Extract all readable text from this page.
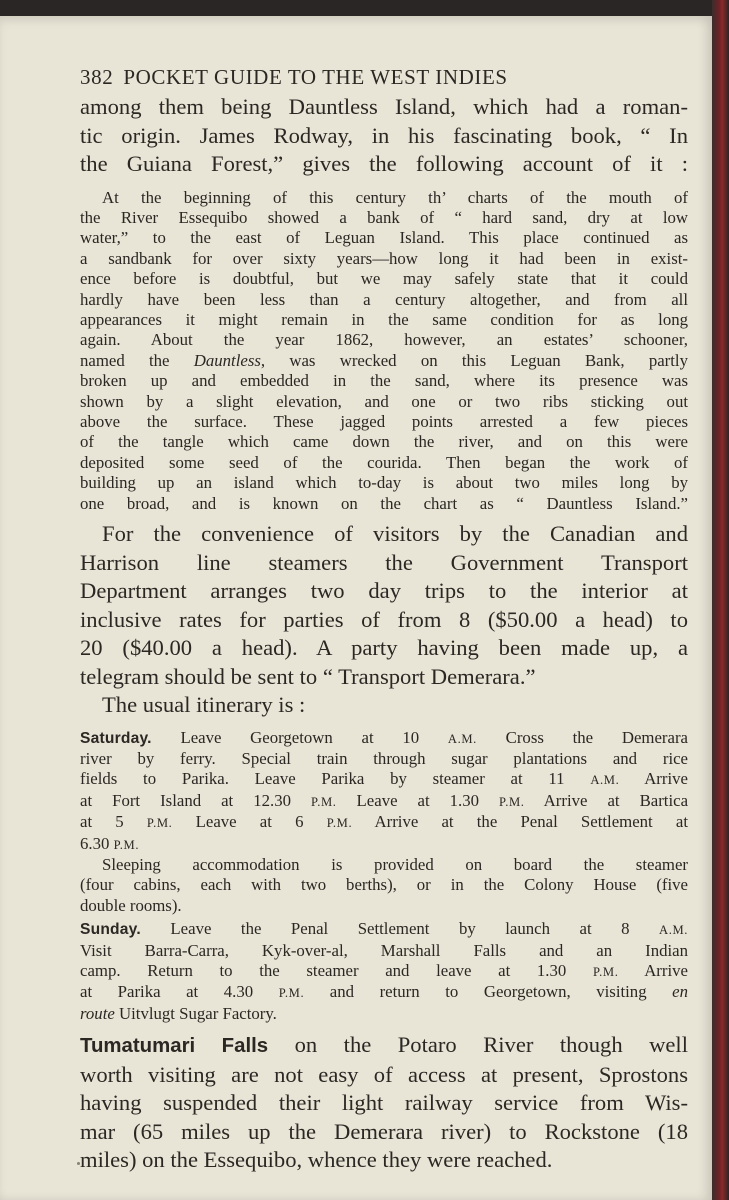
382 POCKET GUIDE TO THE WEST INDIES
among them being Dauntless Island, which had a roman-
tic origin. James Rodway, in his fascinating book, “ In
the Guiana Forest,” gives the following account of it :
At the beginning of this century th’ charts of the mouth of
the River Essequibo showed a bank of “ hard sand, dry at low
water,” to the east of Leguan Island. This place continued as
a sandbank for over sixty years—how long it had been in exist-
ence before is doubtful, but we may safely state that it could
hardly have been less than a century altogether, and from all
appearances it might remain in the same condition for as long
again. About the year 1862, however, an estates’ schooner,
named the Dauntless, was wrecked on this Leguan Bank, partly
broken up and embedded in the sand, where its presence was
shown by a slight elevation, and one or two ribs sticking out
above the surface. These jagged points arrested a few pieces
of the tangle which came down the river, and on this were
deposited some seed of the courida. Then began the work of
building up an island which to-day is about two miles long by
one broad, and is known on the chart as “ Dauntless Island.”
For the convenience of visitors by the Canadian and
Harrison line steamers the Government Transport
Department arranges two day trips to the interior at
inclusive rates for parties of from 8 ($50.00 a head) to
20 ($40.00 a head). A party having been made up, a
telegram should be sent to “ Transport Demerara.”
The usual itinerary is :
Saturday. Leave Georgetown at 10 A.M. Cross the Demerara
river by ferry. Special train through sugar plantations and rice
fields to Parika. Leave Parika by steamer at 11 A.M. Arrive
at Fort Island at 12.30 P.M. Leave at 1.30 P.M. Arrive at Bartica
at 5 P.M. Leave at 6 P.M. Arrive at the Penal Settlement at
6.30 P.M.
Sleeping accommodation is provided on board the steamer
(four cabins, each with two berths), or in the Colony House (five
double rooms).
Sunday. Leave the Penal Settlement by launch at 8 A.M.
Visit Barra-Carra, Kyk-over-al, Marshall Falls and an Indian
camp. Return to the steamer and leave at 1.30 P.M. Arrive
at Parika at 4.30 P.M. and return to Georgetown, visiting en
route Uitvlugt Sugar Factory.
Tumatumari Falls on the Potaro River though well
worth visiting are not easy of access at present, Sprostons
having suspended their light railway service from Wis-
mar (65 miles up the Demerara river) to Rockstone (18
miles) on the Essequibo, whence they were reached.
